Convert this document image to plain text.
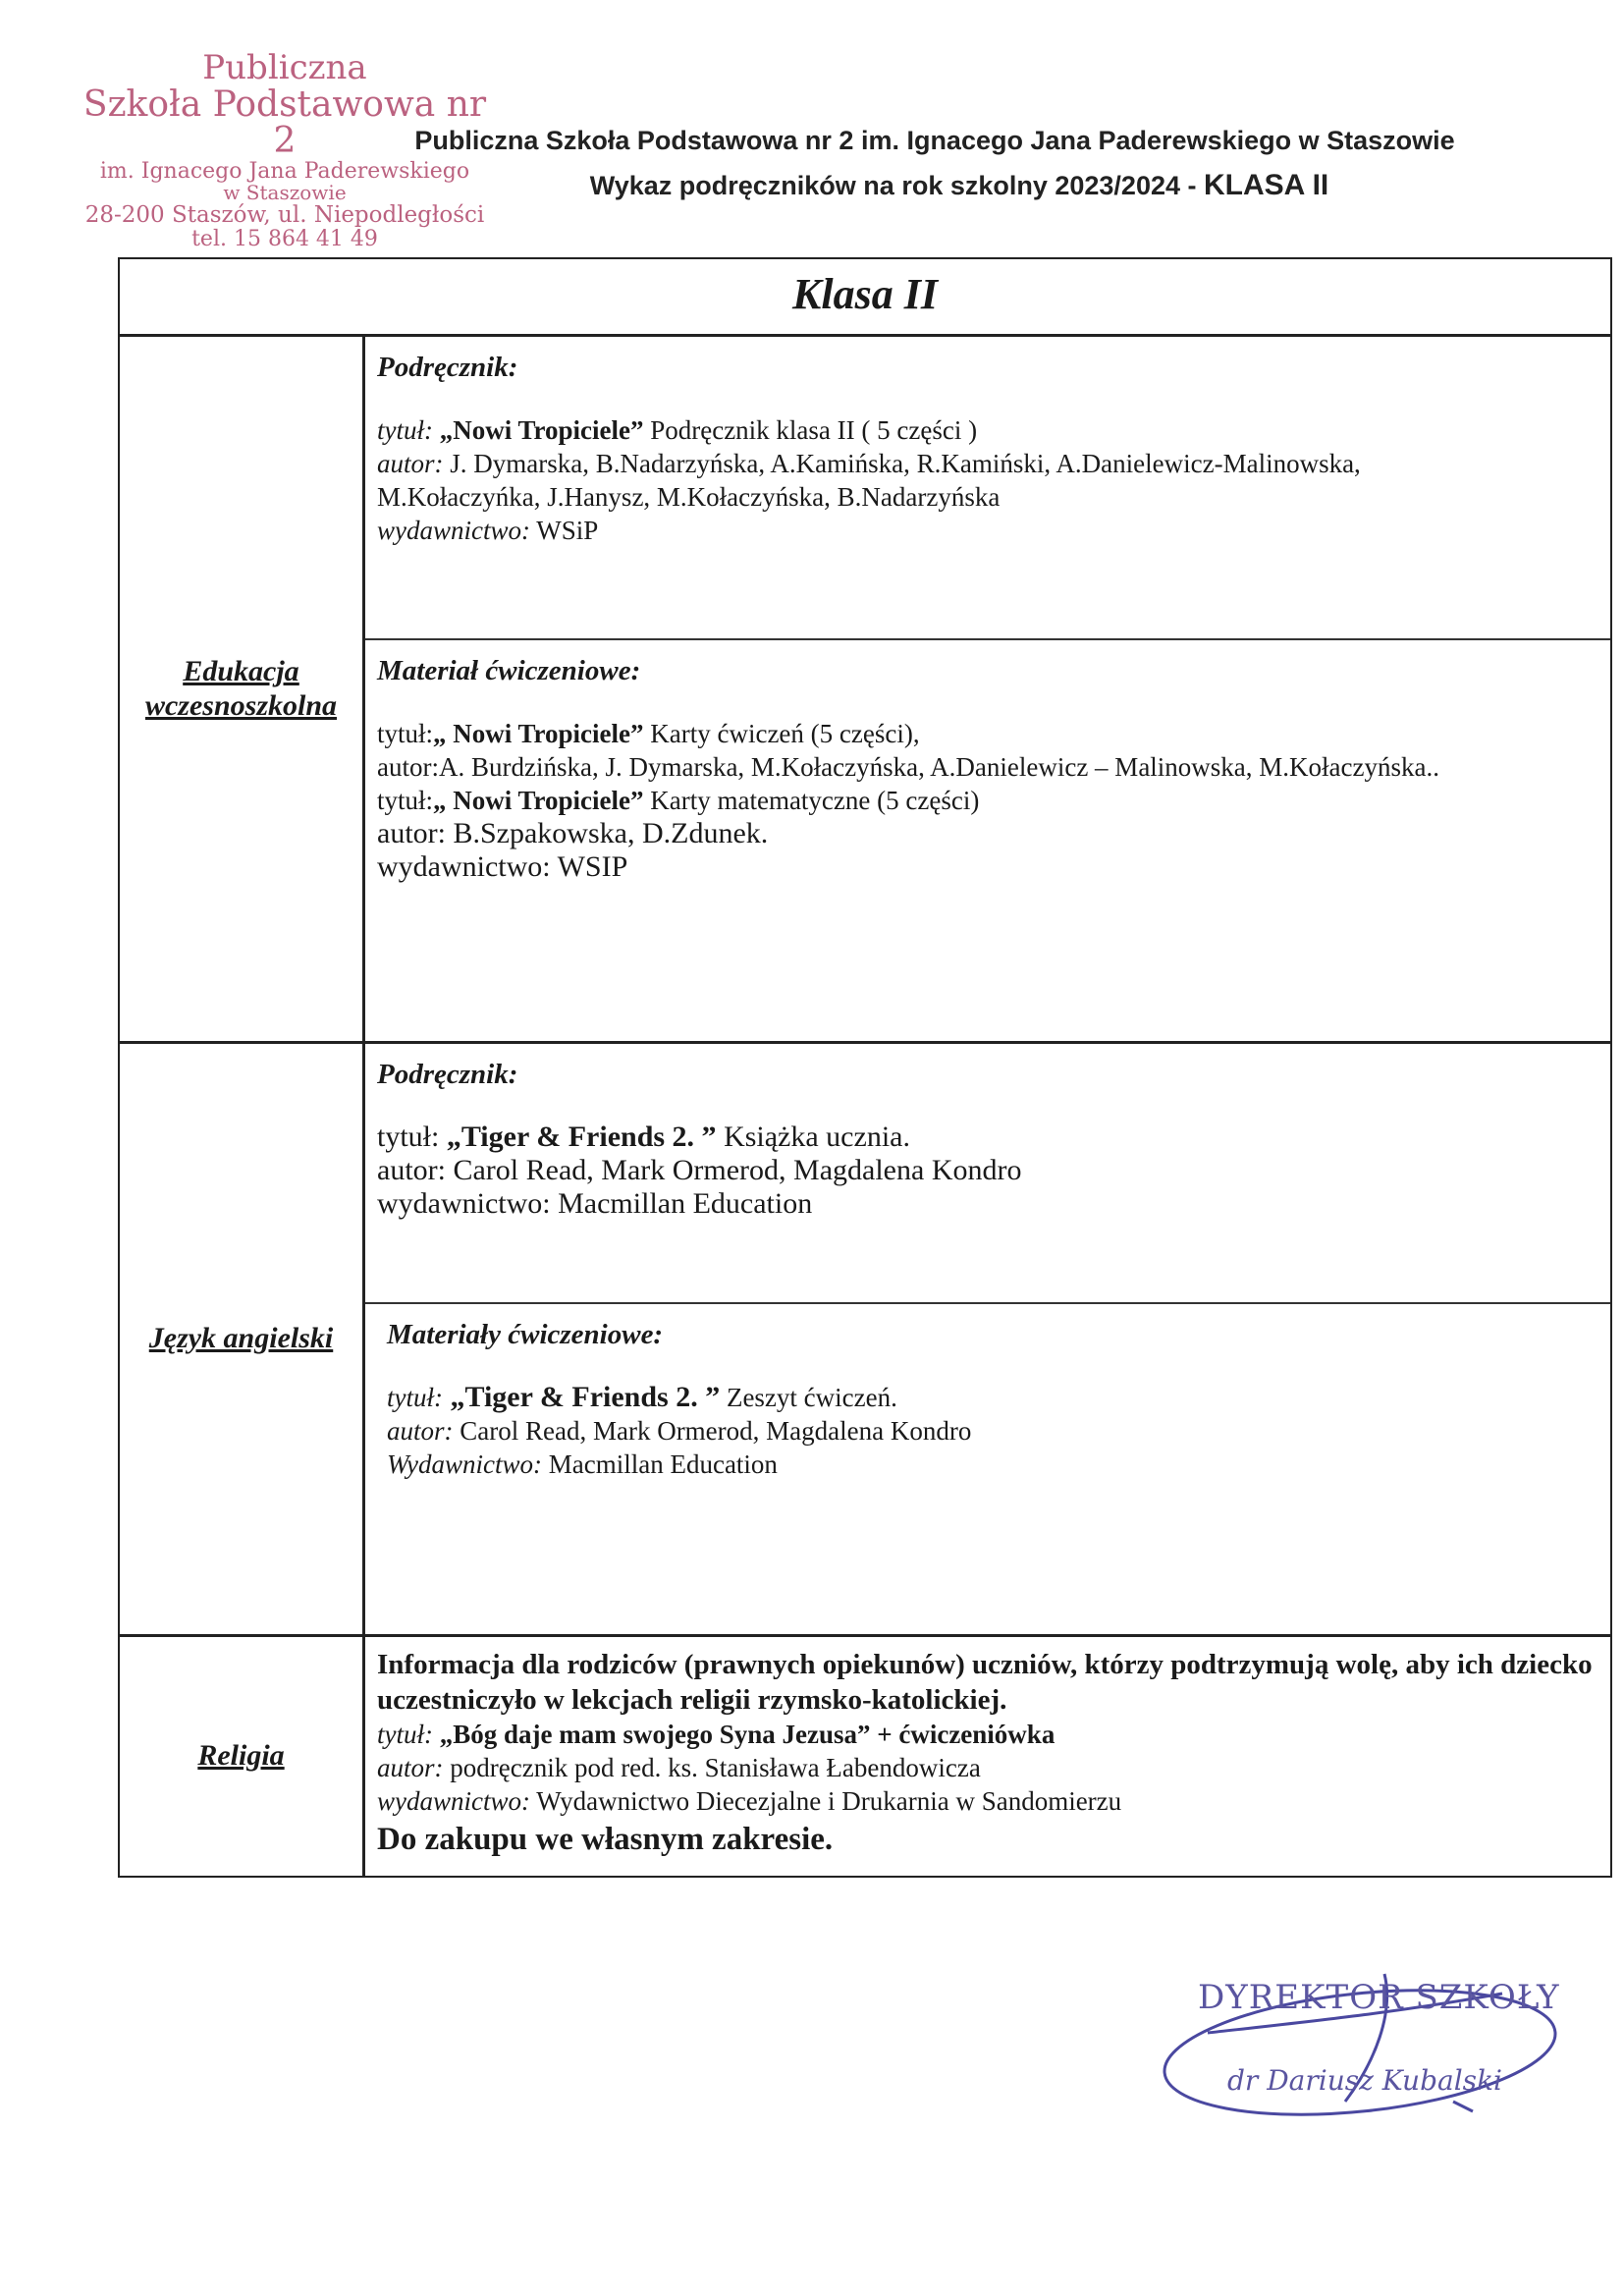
Publiczna
Szkoła Podstawowa nr 2
im. Ignacego Jana Paderewskiego
w Staszowie
28-200 Staszów, ul. Niepodległości
tel. 15 864 41 49
Publiczna Szkoła Podstawowa nr 2 im. Ignacego Jana Paderewskiego w Staszowie
Wykaz podręczników na rok szkolny 2023/2024 - KLASA II
Klasa II
Edukacja
wczesnoszkolna
Podręcznik:

tytuł: „Nowi Tropiciele” Podręcznik klasa II ( 5 części )

autor: J. Dymarska, B.Nadarzyńska, A.Kamińska, R.Kamiński, A.Danielewicz-Malinowska,

M.Kołaczyńka, J.Hanysz, M.Kołaczyńska, B.Nadarzyńska

wydawnictwo: WSiP

Materiał ćwiczeniowe:

tytuł:„ Nowi Tropiciele” Karty ćwiczeń (5 części),

autor:A. Burdzińska, J. Dymarska, M.Kołaczyńska, A.Danielewicz – Malinowska, M.Kołaczyńska..

tytuł:„ Nowi Tropiciele” Karty matematyczne (5 części)

autor: B.Szpakowska, D.Zdunek.

wydawnictwo: WSIP

Język angielski
Podręcznik:

tytuł: „Tiger & Friends 2. ” Książka ucznia.

autor: Carol Read, Mark Ormerod, Magdalena Kondro

wydawnictwo: Macmillan Education

Materiały ćwiczeniowe:

tytuł: „Tiger & Friends 2. ” Zeszyt ćwiczeń.

autor: Carol Read, Mark Ormerod, Magdalena Kondro

Wydawnictwo: Macmillan Education

Religia

Informacja dla rodziców (prawnych opiekunów) uczniów, którzy podtrzymują wolę, aby ich dziecko uczestniczyło w lekcjach religii rzymsko-katolickiej.

tytuł: „Bóg daje mam swojego Syna Jezusa” + ćwiczeniówka

autor: podręcznik pod red. ks. Stanisława Łabendowicza

wydawnictwo: Wydawnictwo Diecezjalne i Drukarnia w Sandomierzu

Do zakupu we własnym zakresie.

DYREKTOR SZKOŁY
dr Dariusz Kubalski
